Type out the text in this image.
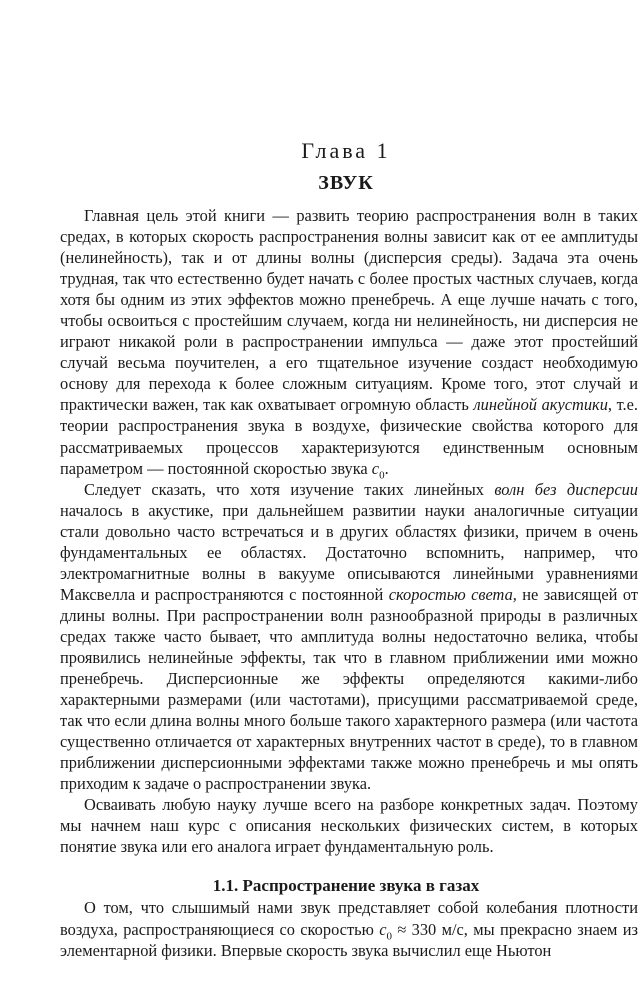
Глава 1
ЗВУК

Главная цель этой книги — развить теорию распространения волн в таких средах, в которых скорость распространения волны зависит как от ее амплитуды (нелинейность), так и от длины волны (дисперсия среды). Задача эта очень трудная, так что естественно будет начать с более простых частных случаев, когда хотя бы одним из этих эффектов можно пренебречь. А еще лучше начать с того, чтобы освоиться с простейшим случаем, когда ни нелинейность, ни дисперсия не играют никакой роли в распространении импульса — даже этот простейший случай весьма поучителен, а его тщательное изучение создаст необходимую основу для перехода к более сложным ситуациям. Кроме того, этот случай и практически важен, так как охватывает огромную область линейной акустики, т.е. теории распространения звука в воздухе, физические свойства которого для рассматриваемых процессов характеризуются единственным основным параметром — постоянной скоростью звука $c_0$.

Следует сказать, что хотя изучение таких линейных волн без дисперсии началось в акустике, при дальнейшем развитии науки аналогичные ситуации стали довольно часто встречаться и в других областях физики, причем в очень фундаментальных ее областях. Достаточно вспомнить, например, что электромагнитные волны в вакууме описываются линейными уравнениями Максвелла и распространяются с постоянной скоростью света, не зависящей от длины волны. При распространении волн разнообразной природы в различных средах также часто бывает, что амплитуда волны недостаточно велика, чтобы проявились нелинейные эффекты, так что в главном приближении ими можно пренебречь. Дисперсионные же эффекты определяются какими-либо характерными размерами (или частотами), присущими рассматриваемой среде, так что если длина волны много больше такого характерного размера (или частота существенно отличается от характерных внутренних частот в среде), то в главном приближении дисперсионными эффектами также можно пренебречь и мы опять приходим к задаче о распространении звука.

Осваивать любую науку лучше всего на разборе конкретных задач. Поэтому мы начнем наш курс с описания нескольких физических систем, в которых понятие звука или его аналога играет фундаментальную роль.

1.1. Распространение звука в газах

О том, что слышимый нами звук представляет собой колебания плотности воздуха, распространяющиеся со скоростью $c_0 \approx 330$ м/с, мы прекрасно знаем из элементарной физики. Впервые скорость звука вычислил еще Ньютон
